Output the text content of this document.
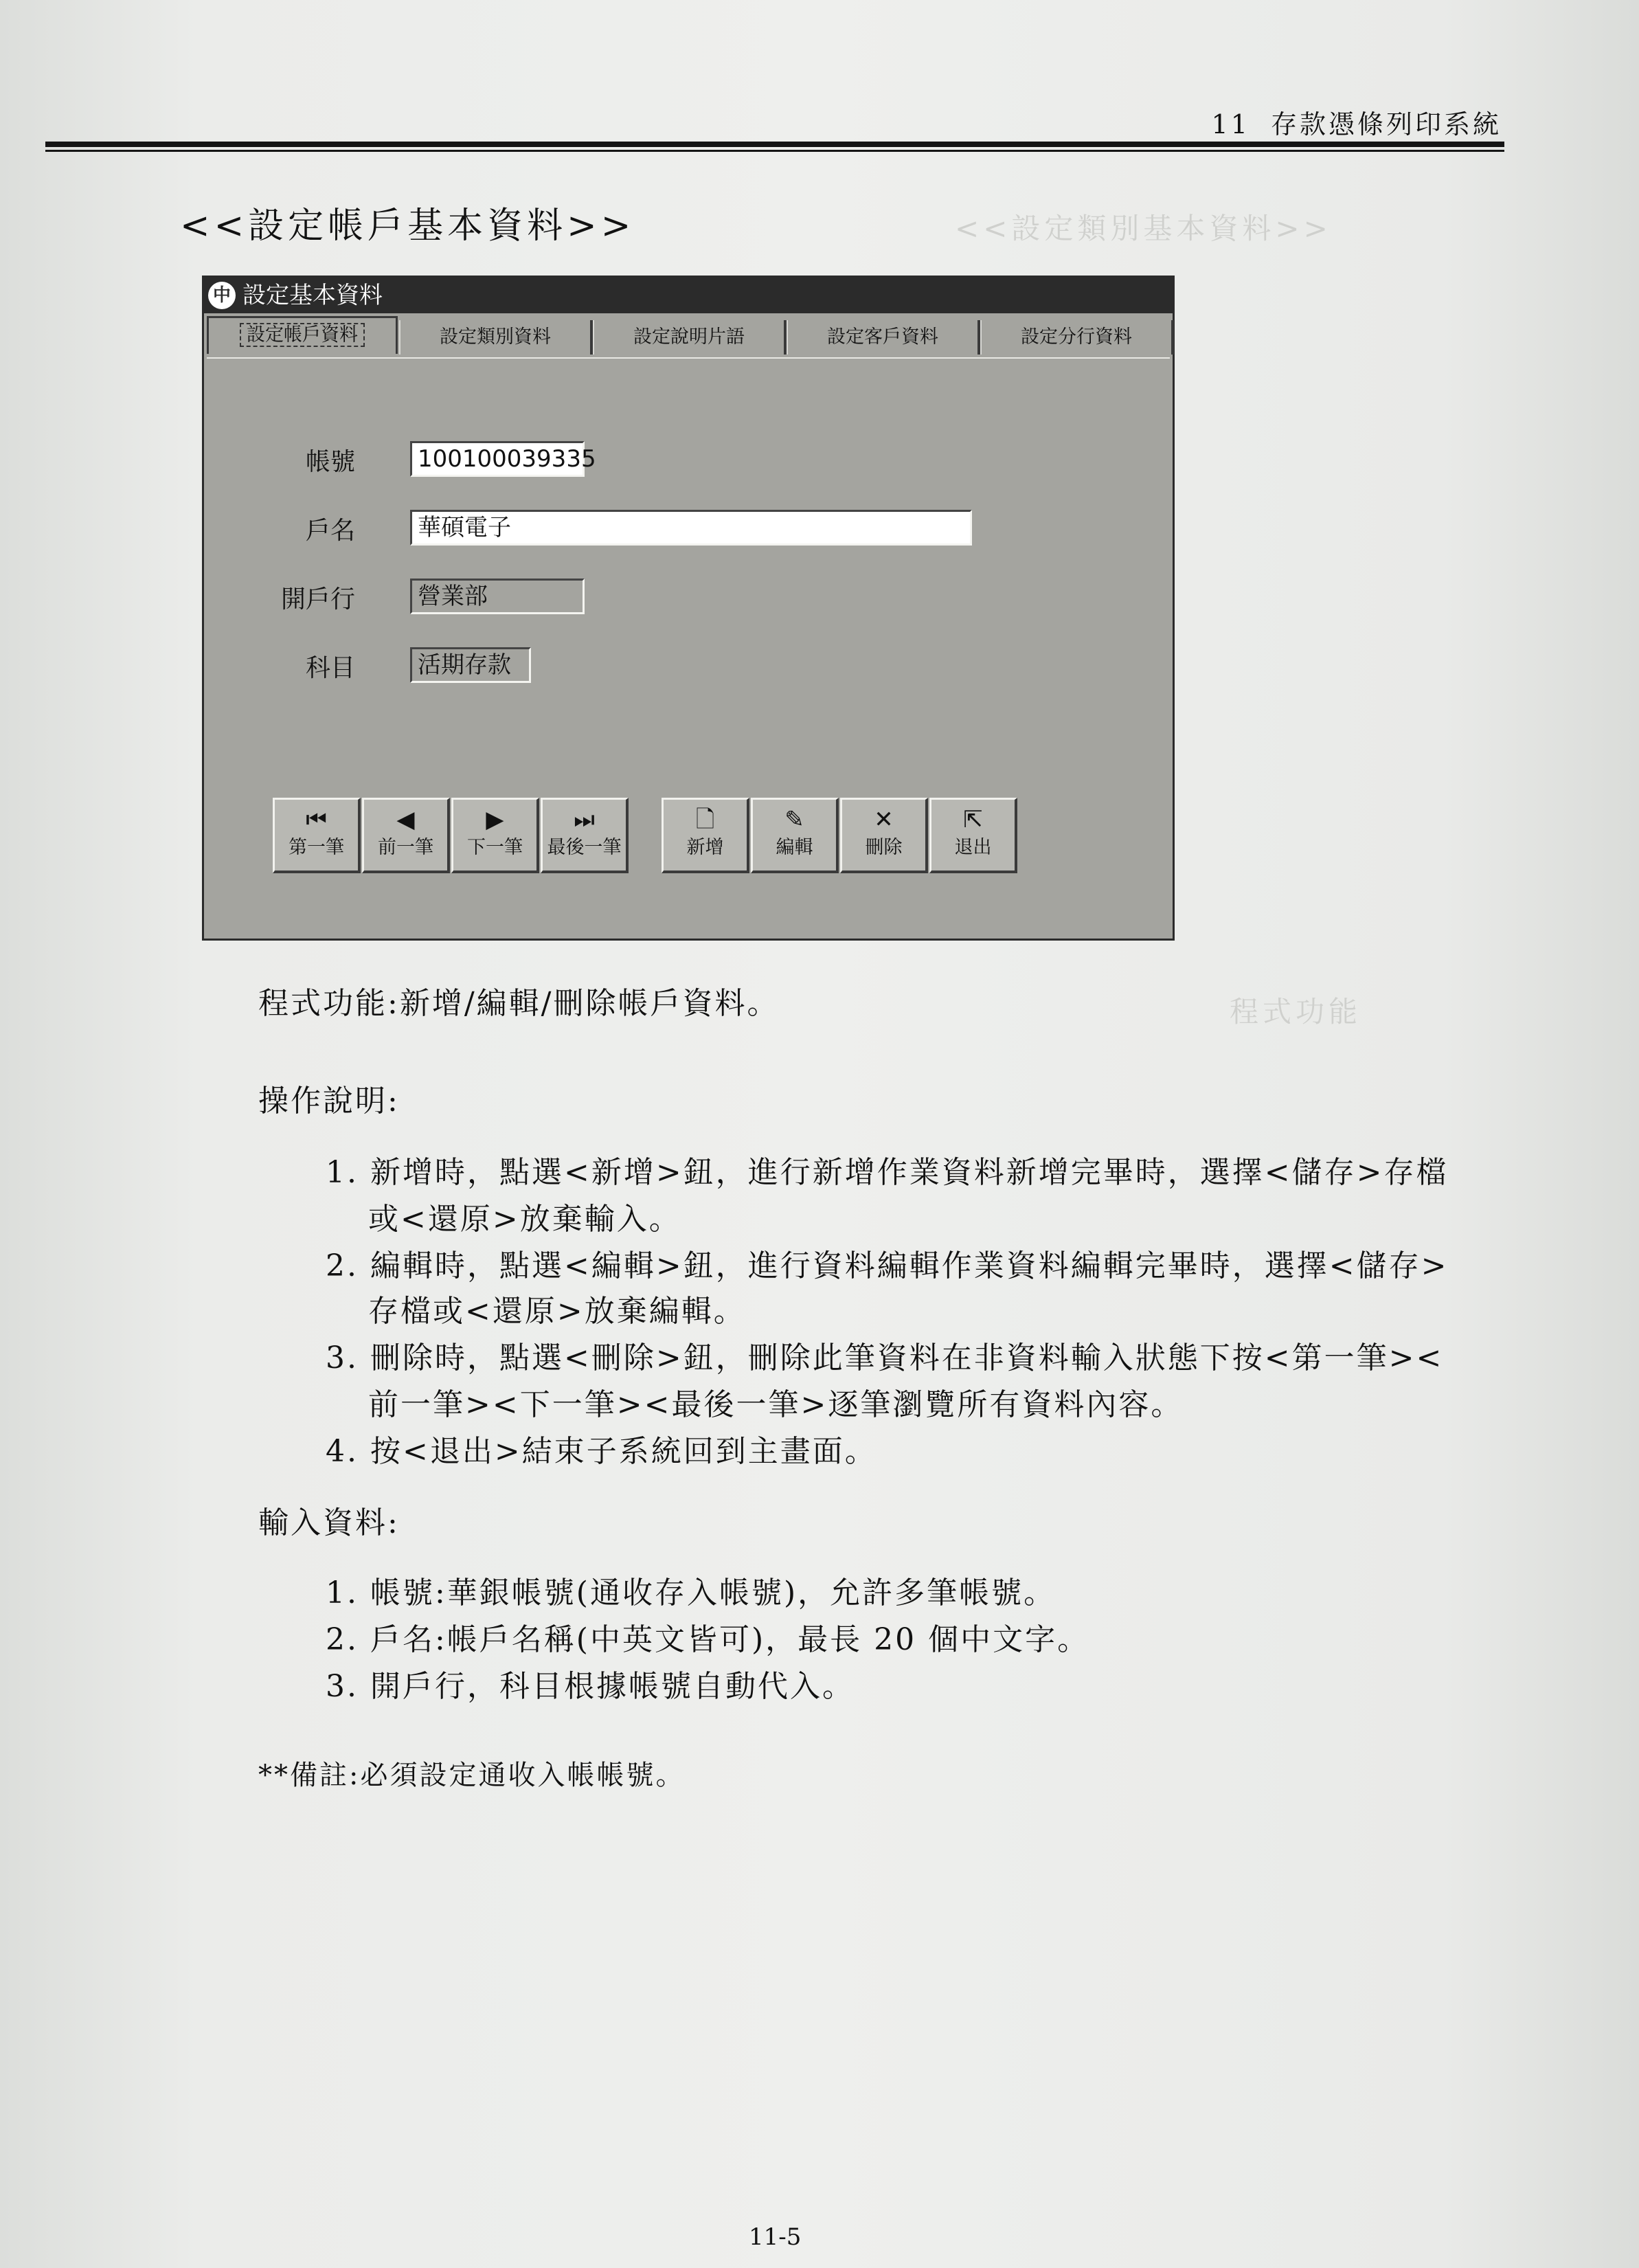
<<設定類別基本資料>>
程式功能
11 存款憑條列印系統
<<設定帳戶基本資料>>
中 設定基本資料
設定帳戶資料	設定類別資料	設定說明片語	設定客戶資料	設定分行資料
帳號	100100039335
戶名	華碩電子
開戶行	營業部
科目	活期存款
⏮
第一筆
◀
前一筆
▶
下一筆
⏭
最後一筆
🗋
新增
✎
編輯
✕
刪除
⇱
退出
程式功能:新增/編輯/刪除帳戶資料。
操作說明:
1. 新增時，點選<新增>鈕，進行新增作業資料新增完畢時，選擇<儲存>存檔
或<還原>放棄輸入。
2. 編輯時，點選<編輯>鈕，進行資料編輯作業資料編輯完畢時，選擇<儲存>
存檔或<還原>放棄編輯。
3. 刪除時，點選<刪除>鈕，刪除此筆資料在非資料輸入狀態下按<第一筆><
前一筆><下一筆><最後一筆>逐筆瀏覽所有資料內容。
4. 按<退出>結束子系統回到主畫面。
輸入資料:
1. 帳號:華銀帳號(通收存入帳號)，允許多筆帳號。
2. 戶名:帳戶名稱(中英文皆可)，最長 20 個中文字。
3. 開戶行，科目根據帳號自動代入。
**備註:必須設定通收入帳帳號。
11-5
